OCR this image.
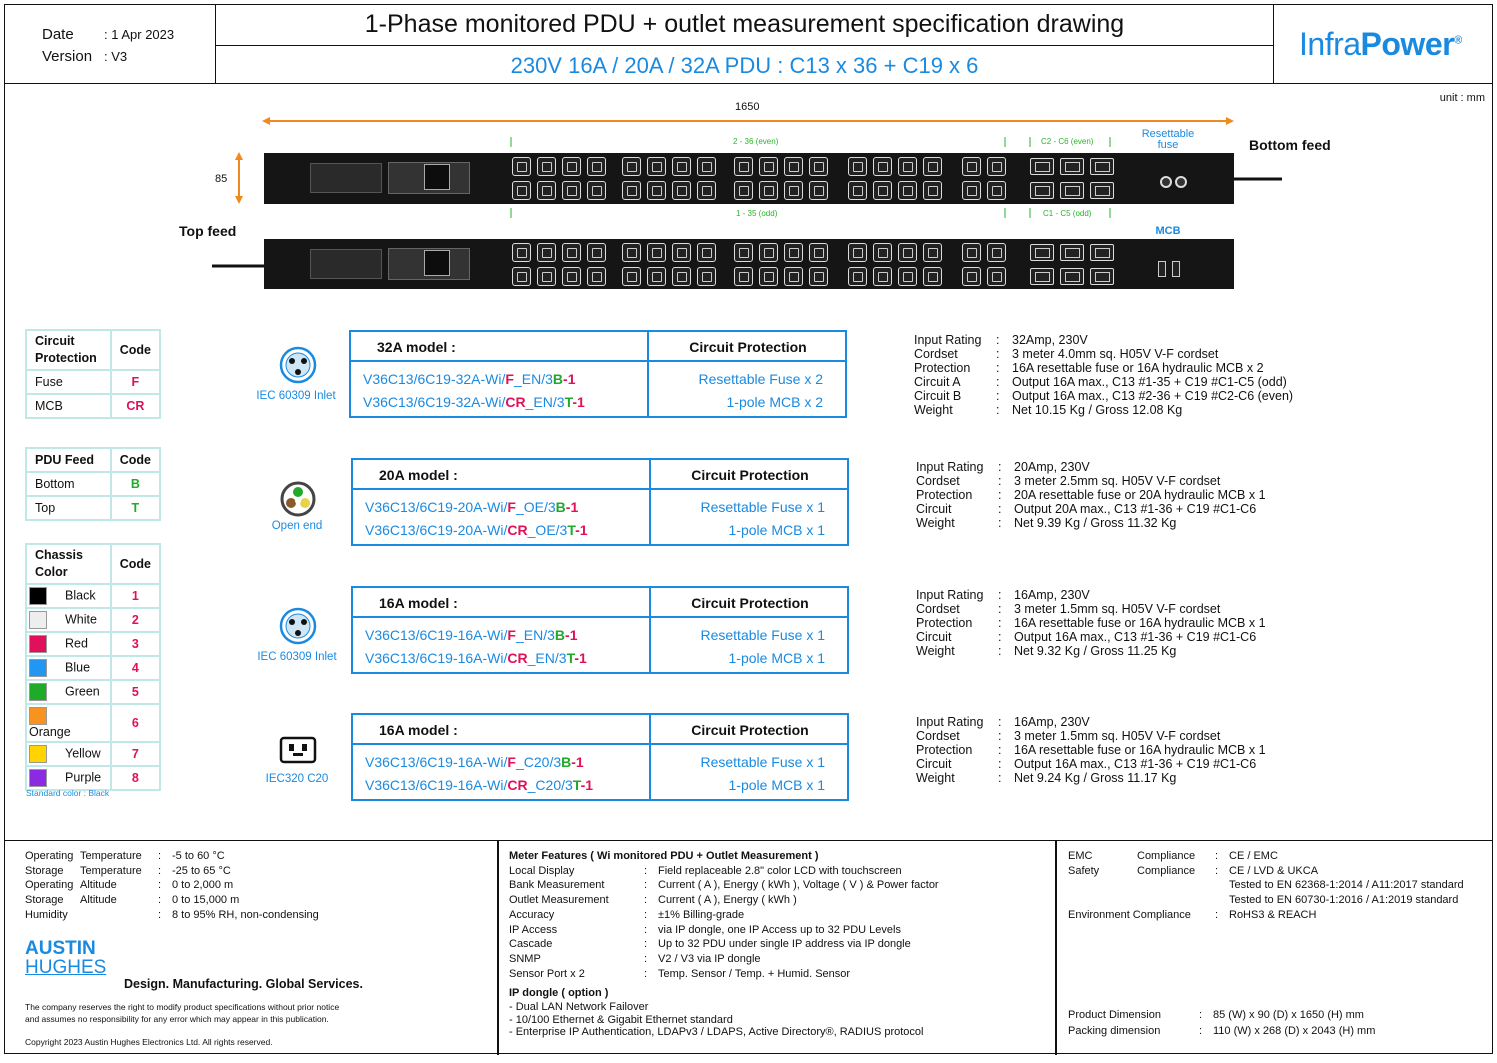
Date : 1 Apr 2023
Version : V3
1-Phase monitored PDU + outlet measurement specification drawing
230V 16A / 20A / 32A PDU : C13 x 36 + C19 x 6
InfraPower®
unit : mm
1650
85
2 - 36 (even)	C2 - C6 (even)
1 - 35 (odd)	C1 - C5 (odd)
Resettable
fuse	Bottom feed
Top feed	MCB
Circuit Protection	Code
Fuse	F
MCB	CR
PDU Feed	Code
Bottom	B
Top	T
Chassis Color	Code
Black	1
White	2
Red	3
Blue	4
Green	5
Orange	6
Yellow	7
Purple	8
Standard color : Black
IEC 60309 Inlet
Open end
IEC 60309 Inlet
IEC320 C20
32A model :	Circuit Protection
V36C13/6C19-32A-Wi/F_EN/3B-1	Resettable Fuse x 2
V36C13/6C19-32A-Wi/CR_EN/3T-1	1-pole MCB x 2
20A model :	Circuit Protection
V36C13/6C19-20A-Wi/F_OE/3B-1	Resettable Fuse x 1
V36C13/6C19-20A-Wi/CR_OE/3T-1	1-pole MCB x 1
16A model :	Circuit Protection
V36C13/6C19-16A-Wi/F_EN/3B-1	Resettable Fuse x 1
V36C13/6C19-16A-Wi/CR_EN/3T-1	1-pole MCB x 1
16A model :	Circuit Protection
V36C13/6C19-16A-Wi/F_C20/3B-1	Resettable Fuse x 1
V36C13/6C19-16A-Wi/CR_C20/3T-1	1-pole MCB x 1
Input Rating : 32Amp, 230V
Cordset	: 3 meter 4.0mm sq. H05V V-F cordset
Protection : 16A resettable fuse or 16A hydraulic MCB x 2
Circuit A	: Output 16A max., C13 #1-35 + C19 #C1-C5 (odd)
Circuit B	: Output 16A max., C13 #2-36 + C19 #C2-C6 (even)
Weight	: Net 10.15 Kg / Gross 12.08 Kg
Input Rating : 20Amp, 230V
Cordset	: 3 meter 2.5mm sq. H05V V-F cordset
Protection : 20A resettable fuse or 20A hydraulic MCB x 1
Circuit	: Output 20A max., C13 #1-36 + C19 #C1-C6
Weight	: Net 9.39 Kg / Gross 11.32 Kg
Input Rating : 16Amp, 230V
Cordset	: 3 meter 1.5mm sq. H05V V-F cordset
Protection : 16A resettable fuse or 16A hydraulic MCB x 1
Circuit	: Output 16A max., C13 #1-36 + C19 #C1-C6
Weight	: Net 9.32 Kg / Gross 11.25 Kg
Input Rating : 16Amp, 230V
Cordset	: 3 meter 1.5mm sq. H05V V-F cordset
Protection : 16A resettable fuse or 16A hydraulic MCB x 1
Circuit	: Output 16A max., C13 #1-36 + C19 #C1-C6
Weight	: Net 9.24 Kg / Gross 11.17 Kg
Operating Temperature : -5 to 60 °C
Storage Temperature : -25 to 65 °C
Operating Altitude	: 0 to 2,000 m
Storage Altitude	: 0 to 15,000 m
Humidity	: 8 to 95% RH, non-condensing
AUSTIN
HUGHES
Design. Manufacturing. Global Services.
The company reserves the right to modify product specifications without prior notice
and assumes no responsibility for any error which may appear in this publication.
Copyright 2023 Austin Hughes Electronics Ltd. All rights reserved.
Meter Features ( Wi monitored PDU + Outlet Measurement )
Local Display	: Field replaceable 2.8" color LCD with touchscreen
Bank Measurement	: Current ( A ), Energy ( kWh ), Voltage ( V ) & Power factor
Outlet Measurement	: Current ( A ), Energy ( kWh )
Accuracy	: ±1% Billing-grade
IP Access	: via IP dongle, one IP Access up to 32 PDU Levels
Cascade	: Up to 32 PDU under single IP address via IP dongle
SNMP	: V2 / V3 via IP dongle
Sensor Port x 2	: Temp. Sensor / Temp. + Humid. Sensor
IP dongle ( option )
- Dual LAN Network Failover
- 10/100 Ethernet & Gigabit Ethernet standard
- Enterprise IP Authentication, LDAPv3 / LDAPS, Active Directory®, RADIUS protocol
EMC	Compliance : CE / EMC
Safety	Compliance : CE / LVD & UKCA
Tested to EN 62368-1:2014 / A11:2017 standard
Tested to EN 60730-1:2016 / A1:2019 standard
Environment Compliance : RoHS3 & REACH
Product Dimension	: 85 (W) x 90 (D) x 1650 (H) mm
Packing dimension	: 110 (W) x 268 (D) x 2043 (H) mm
